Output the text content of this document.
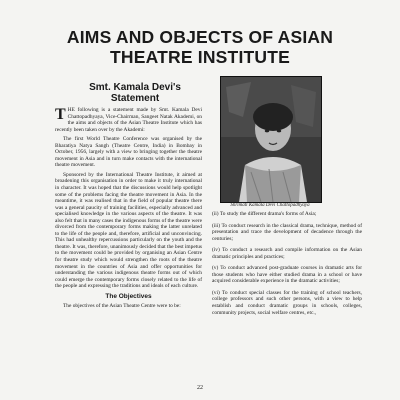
AIMS AND OBJECTS OF ASIAN
THEATRE INSTITUTE
Smt. Kamala Devi's
Statement

THE following is a statement made by Smt. Kamala Devi Chattopadhyaya, Vice-Chairman, Sangeet Natak Akademi, on the aims and objects of the Asian Theatre Institute which has recently been taken over by the Akademi:

The first World Theatre Conference was organised by the Bharatiya Natya Sangh (Theatre Centre, India) in Bombay in October, 1956, largely with a view to bringing together the theatre movement in Asia and in turn make contacts with the international theatre movement.

Sponsored by the International Theatre Institute, it aimed at broadening this organisation in order to make it truly international in character. It was hoped that the discussions would help spotlight some of the problems facing the theatre movement in Asia. In the meantime, it was realised that in the field of popular theatre there was a general paucity of training facilities, especially advanced and specialised knowledge in the various aspects of the theatre. It was also felt that in many cases the indigenous forms of the theatre were divorced from the contemporary forms making the latter unrelated to the life of the people and, therefore, artificial and unconvincing. This had unhealthy repercussions particularly on the youth and the theatre. It was, therefore, unanimously decided that the best impetus to the movement could be provided by organising an Asian Centre for theatre study which would strengthen the roots of the theatre movement in the countries of Asia and offer opportunities for understanding the various indigenous theatre forms out of which could emerge the contemporary forms closely related to the life of the people and expressing the traditions and ideals of each culture.

The Objectives

The objectives of the Asian Theatre Centre were to be:

Shrimati Kamala Devi Chattopadhyaya

(ii) To study the different drama's forms of Asia;

(iii) To conduct research in the classical drama, technique, method of presentation and trace the development of decadence through the centuries;

(iv) To conduct a research and compile information on the Asian dramatic principles and practices;

(v) To conduct advanced post-graduate courses in dramatic arts for those students who have either studied drama in a school or have acquired considerable experience in the dramatic activities;

(vi) To conduct special classes for the training of school teachers, college professors and such other persons, with a view to help establish and conduct dramatic groups in schools, colleges, community projects, social welfare centres, etc.,

22
